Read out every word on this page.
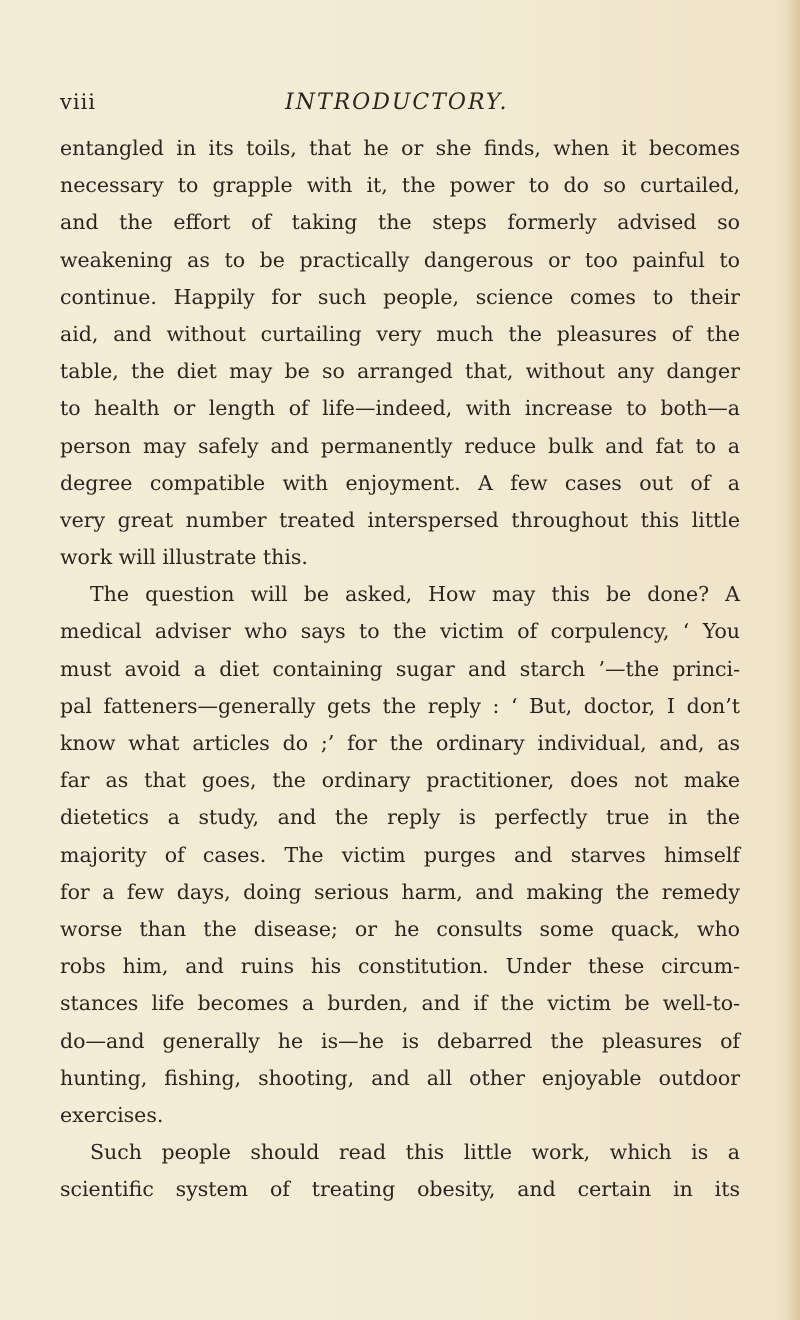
viii	INTRODUCTORY.
entangled in its toils, that he or she finds, when it becomes
necessary to grapple with it, the power to do so curtailed,
and the effort of taking the steps formerly advised so
weakening as to be practically dangerous or too painful to
continue. Happily for such people, science comes to their
aid, and without curtailing very much the pleasures of the
table, the diet may be so arranged that, without any danger
to health or length of life—indeed, with increase to both—a
person may safely and permanently reduce bulk and fat to a
degree compatible with enjoyment. A few cases out of a
very great number treated interspersed throughout this little
work will illustrate this.
The question will be asked, How may this be done? A
medical adviser who says to the victim of corpulency, ‘ You
must avoid a diet containing sugar and starch ’—the princi-
pal fatteners—generally gets the reply : ‘ But, doctor, I don’t
know what articles do ;’ for the ordinary individual, and, as
far as that goes, the ordinary practitioner, does not make
dietetics a study, and the reply is perfectly true in the
majority of cases. The victim purges and starves himself
for a few days, doing serious harm, and making the remedy
worse than the disease; or he consults some quack, who
robs him, and ruins his constitution. Under these circum-
stances life becomes a burden, and if the victim be well-to-
do—and generally he is—he is debarred the pleasures of
hunting, fishing, shooting, and all other enjoyable outdoor
exercises.
Such people should read this little work, which is a
scientific system of treating obesity, and certain in its
